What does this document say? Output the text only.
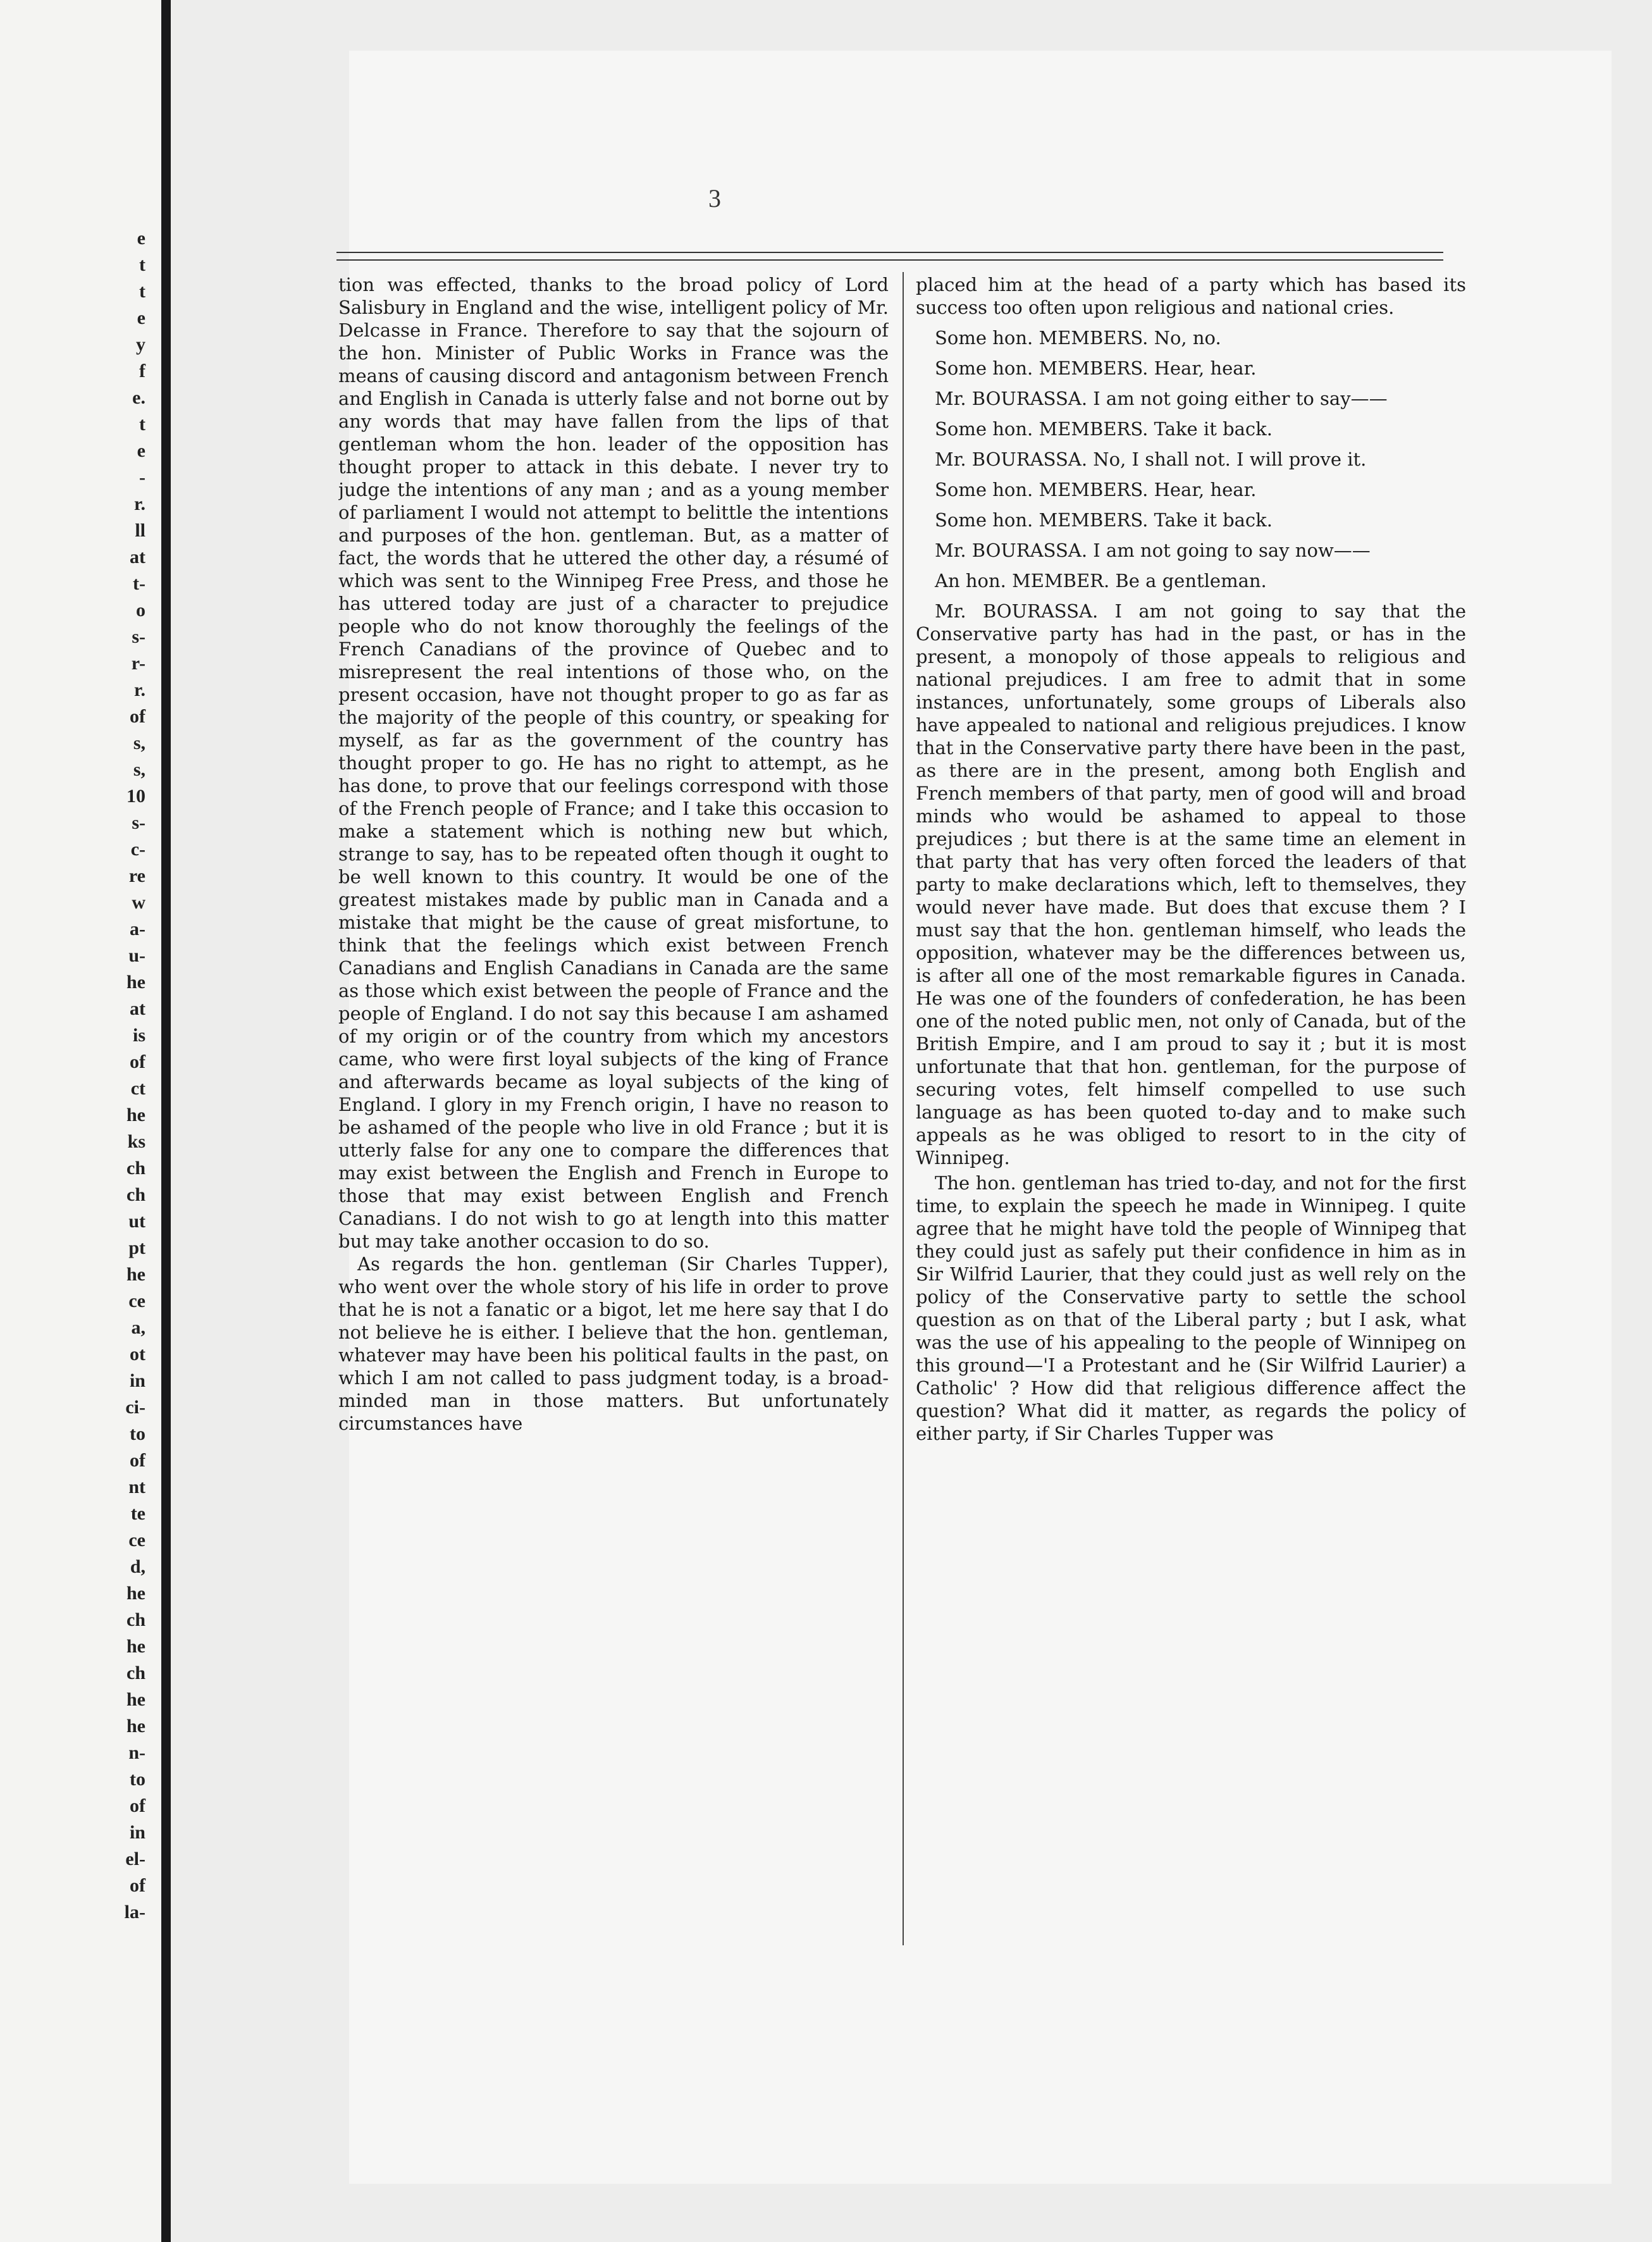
e
t
t
e
y
f
e.
t
e
-
r.
ll
at
t-
o
s-
r-
r.
of
s,
s,
10
s-
c-
re
w
a-
u-
he
at
is
of
ct
he
ks
ch
ch
ut
pt
he
ce
a,
ot
in
ci-
to
of
nt
te
ce
d,
he
ch
he
ch
he
he
n-
to
of
in
el-
of
la-
3

tion was effected, thanks to the broad policy of Lord Salisbury in England and the wise, intelligent policy of Mr. Delcasse in France. Therefore to say that the sojourn of the hon. Minister of Public Works in France was the means of causing discord and antagonism between French and English in Canada is utterly false and not borne out by any words that may have fallen from the lips of that gentleman whom the hon. leader of the opposition has thought proper to attack in this debate. I never try to judge the intentions of any man ; and as a young member of parliament I would not attempt to belittle the intentions and purposes of the hon. gentleman. But, as a matter of fact, the words that he uttered the other day, a résumé of which was sent to the Winnipeg Free Press, and those he has uttered today are just of a character to prejudice people who do not know thoroughly the feelings of the French Canadians of the province of Quebec and to misrepresent the real intentions of those who, on the present occasion, have not thought proper to go as far as the majority of the people of this country, or speaking for myself, as far as the government of the country has thought proper to go. He has no right to attempt, as he has done, to prove that our feelings correspond with those of the French people of France; and I take this occasion to make a statement which is nothing new but which, strange to say, has to be repeated often though it ought to be well known to this country. It would be one of the greatest mistakes made by public man in Canada and a mistake that might be the cause of great misfortune, to think that the feelings which exist between French Canadians and English Canadians in Canada are the same as those which exist between the people of France and the people of England. I do not say this because I am ashamed of my origin or of the country from which my ancestors came, who were first loyal subjects of the king of France and afterwards became as loyal subjects of the king of England. I glory in my French origin, I have no reason to be ashamed of the people who live in old France ; but it is utterly false for any one to compare the differences that may exist between the English and French in Europe to those that may exist between English and French Canadians. I do not wish to go at length into this matter but may take another occasion to do so.

As regards the hon. gentleman (Sir Charles Tupper), who went over the whole story of his life in order to prove that he is not a fanatic or a bigot, let me here say that I do not believe he is either. I believe that the hon. gentleman, whatever may have been his political faults in the past, on which I am not called to pass judgment today, is a broad-minded man in those matters. But unfortunately circumstances have

placed him at the head of a party which has based its success too often upon religious and national cries.

Some hon. MEMBERS. No, no.

Some hon. MEMBERS. Hear, hear.

Mr. BOURASSA. I am not going either to say——

Some hon. MEMBERS. Take it back.

Mr. BOURASSA. No, I shall not. I will prove it.

Some hon. MEMBERS. Hear, hear.

Some hon. MEMBERS. Take it back.

Mr. BOURASSA. I am not going to say now——

An hon. MEMBER. Be a gentleman.

Mr. BOURASSA. I am not going to say that the Conservative party has had in the past, or has in the present, a monopoly of those appeals to religious and national prejudices. I am free to admit that in some instances, unfortunately, some groups of Liberals also have appealed to national and religious prejudices. I know that in the Conservative party there have been in the past, as there are in the present, among both English and French members of that party, men of good will and broad minds who would be ashamed to appeal to those prejudices ; but there is at the same time an element in that party that has very often forced the leaders of that party to make declarations which, left to themselves, they would never have made. But does that excuse them ? I must say that the hon. gentleman himself, who leads the opposition, whatever may be the differences between us, is after all one of the most remarkable figures in Canada. He was one of the founders of confederation, he has been one of the noted public men, not only of Canada, but of the British Empire, and I am proud to say it ; but it is most unfortunate that that hon. gentleman, for the purpose of securing votes, felt himself compelled to use such language as has been quoted to-day and to make such appeals as he was obliged to resort to in the city of Winnipeg.

The hon. gentleman has tried to-day, and not for the first time, to explain the speech he made in Winnipeg. I quite agree that he might have told the people of Winnipeg that they could just as safely put their confidence in him as in Sir Wilfrid Laurier, that they could just as well rely on the policy of the Conservative party to settle the school question as on that of the Liberal party ; but I ask, what was the use of his appealing to the people of Winnipeg on this ground—'I a Protestant and he (Sir Wilfrid Laurier) a Catholic' ? How did that religious difference affect the question? What did it matter, as regards the policy of either party, if Sir Charles Tupper was
